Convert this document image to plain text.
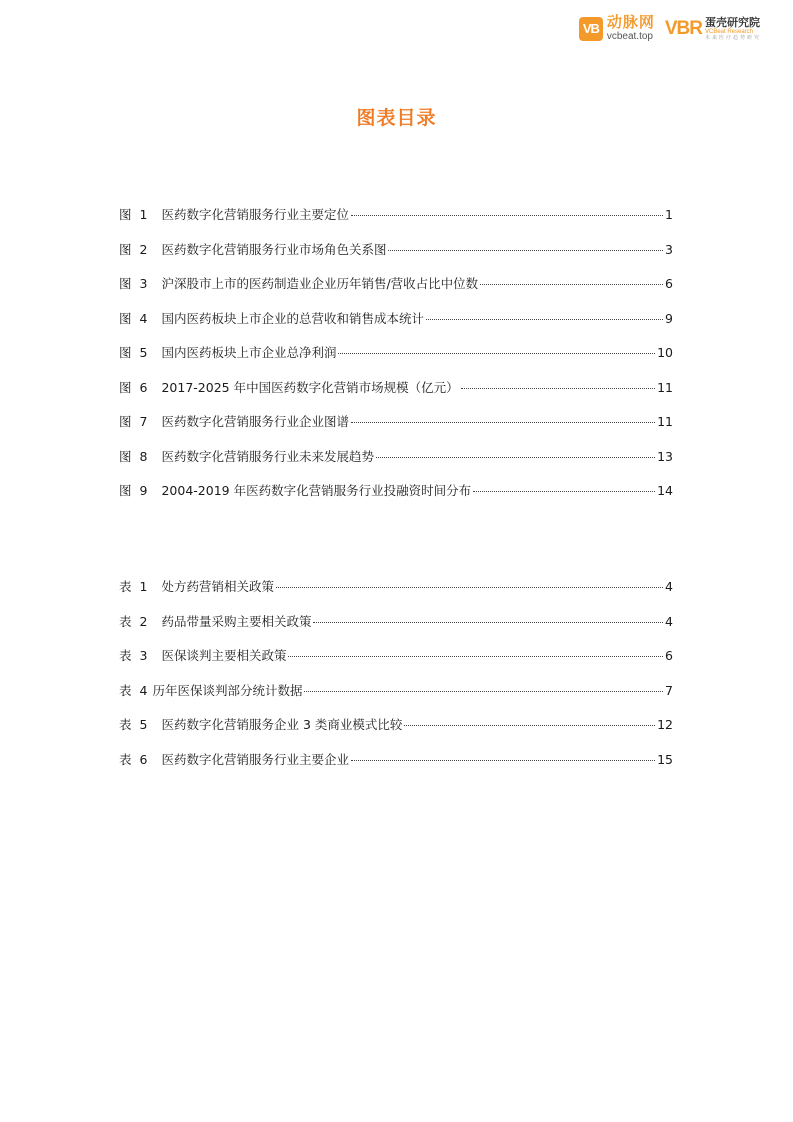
VB 动脉网
vcbeat.top VBR 蛋壳研究院
VCBeat Research
未来医疗趋势研究
图表目录
图 1 医药数字化营销服务行业主要定位	1
图 2 医药数字化营销服务行业市场角色关系图	3
图 3 沪深股市上市的医药制造业企业历年销售/营收占比中位数	6
图 4 国内医药板块上市企业的总营收和销售成本统计	9
图 5 国内医药板块上市企业总净利润	10
图 6 2017-2025 年中国医药数字化营销市场规模（亿元）	11
图 7 医药数字化营销服务行业企业图谱	11
图 8 医药数字化营销服务行业未来发展趋势	13
图 9 2004-2019 年医药数字化营销服务行业投融资时间分布	14
表 1 处方药营销相关政策	4
表 2 药品带量采购主要相关政策	4
表 3 医保谈判主要相关政策	6
表 4 历年医保谈判部分统计数据	7
表 5 医药数字化营销服务企业 3 类商业模式比较	12
表 6 医药数字化营销服务行业主要企业	15
